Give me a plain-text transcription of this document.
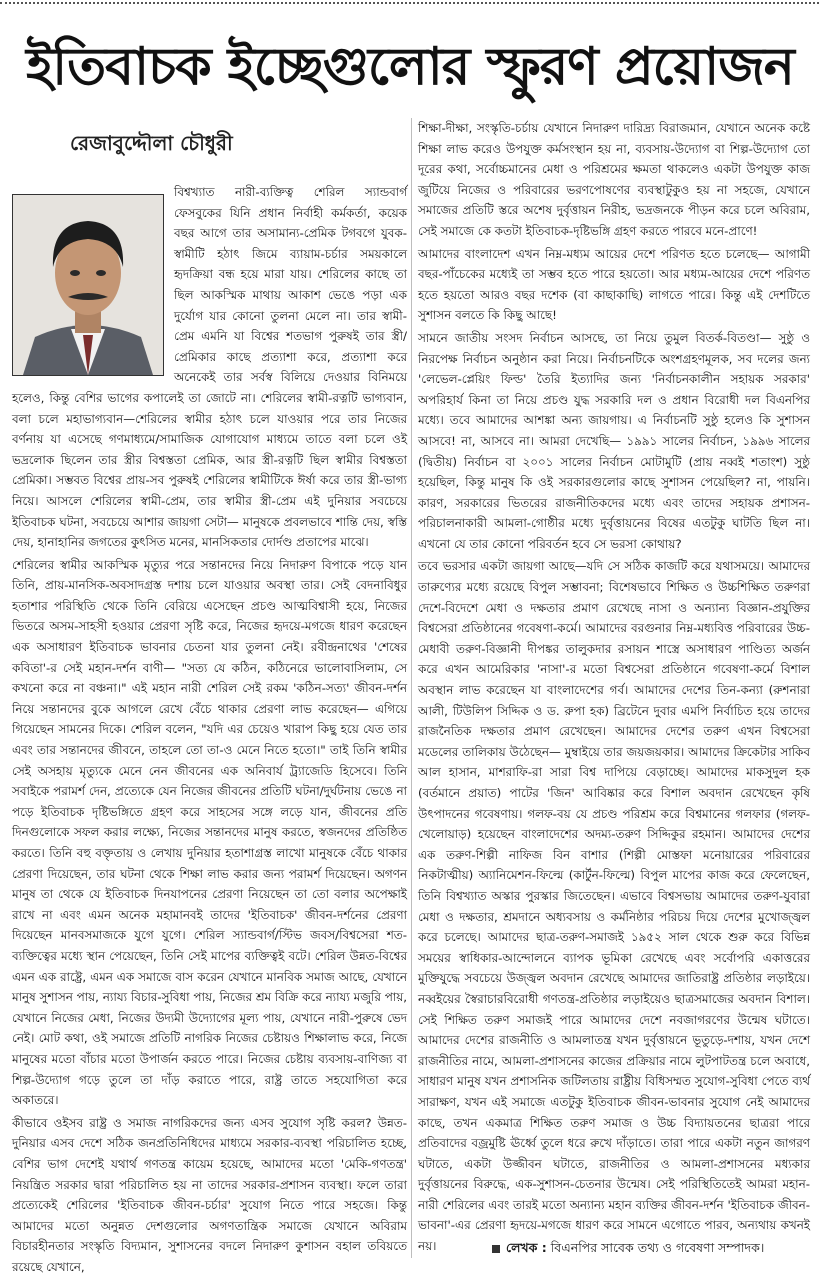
ইতিবাচক ইচ্ছেগুলোর স্ফুরণ প্রয়োজন
রেজাবুদ্দৌলা চৌধুরী

বিশ্বখ্যাত নারী-ব্যক্তিত্ব শেরিল স্যান্ডবার্গ ফেসবুকের যিনি প্রধান নির্বাহী কর্মকর্তা, কয়েক বছর আগে তার অসামান্য-প্রেমিক টগবগে যুবক-স্বামীটি হঠাৎ জিমে ব্যায়াম-চর্চার সময়কালে হৃদক্রিয়া বন্ধ হয়ে মারা যায়। শেরিলের কাছে তা ছিল আকস্মিক মাথায় আকাশ ভেঙে পড়া এক দুর্যোগ যার কোনো তুলনা মেলে না। তার স্বামী-প্রেম এমনি যা বিশ্বের শতভাগ পুরুষই তার স্ত্রী/প্রেমিকার কাছে প্রত্যাশা করে, প্রত্যাশা করে অনেকেই তার সর্বস্ব বিলিয়ে দেওয়ার বিনিময়ে হলেও, কিন্তু বেশির ভাগের কপালেই তা জোটে না। শেরিলের স্বামী-রত্নটি ভাগ্যবান, বলা চলে মহাভাগ্যবান—শেরিলের স্বামীর হঠাৎ চলে যাওয়ার পরে তার নিজের বর্ণনায় যা এসেছে গণমাধ্যমে/সামাজিক যোগাযোগ মাধ্যমে তাতে বলা চলে ওই ভদ্রলোক ছিলেন তার স্ত্রীর বিশ্বস্ততা প্রেমিক, আর স্ত্রী-রত্নটি ছিল স্বামীর বিশ্বস্ততা প্রেমিকা। সম্ভবত বিশ্বের প্রায়-সব পুরুষই শেরিলের স্বামীটিকে ঈর্ষা করে তার স্ত্রী-ভাগ্য নিয়ে। আসলে শেরিলের স্বামী-প্রেম, তার স্বামীর স্ত্রী-প্রেম এই দুনিয়ার সবচেয়ে ইতিবাচক ঘটনা, সবচেয়ে আশার জায়গা সেটা— মানুষকে প্রবলভাবে শান্তি দেয়, স্বস্তি দেয়, হানাহানির জগতের কুৎসিত মনের, মানসিকতার দোর্দণ্ড প্রতাপের মাঝে।

শেরিলের স্বামীর আকস্মিক মৃত্যুর পরে সন্তানদের নিয়ে নিদারুণ বিপাকে পড়ে যান তিনি, প্রায়-মানসিক-অবসাদগ্রস্ত দশায় চলে যাওয়ার অবস্থা তার। সেই বেদনাবিধুর হতাশার পরিস্থিতি থেকে তিনি বেরিয়ে এসেছেন প্রচণ্ড আত্মবিশ্বাসী হয়ে, নিজের ভিতরে অসম-সাহসী হওয়ার প্রেরণা সৃষ্টি করে, নিজের হৃদয়ে-মগজে ধারণ করেছেন এক অসাধারণ ইতিবাচক ভাবনার চেতনা যার তুলনা নেই। রবীন্দ্রনাথের 'শেষের কবিতা'-র সেই মহান-দর্শন বাণী— "সত্য যে কঠিন, কঠিনেরে ভালোবাসিলাম, সে কখনো করে না বঞ্চনা।" এই মহান নারী শেরিল সেই রকম 'কঠিন-সত্য' জীবন-দর্শন নিয়ে সন্তানদের বুকে আগলে রেখে বেঁচে থাকার প্রেরণা লাভ করেছেন— এগিয়ে গিয়েছেন সামনের দিকে। শেরিল বলেন, "যদি এর চেয়েও খারাপ কিছু হয়ে যেত তার এবং তার সন্তানদের জীবনে, তাহলে তো তা-ও মেনে নিতে হতো।" তাই তিনি স্বামীর সেই অসহায় মৃত্যুকে মেনে নেন জীবনের এক অনিবার্য ট্র্যাজেডি হিসেবে। তিনি সবাইকে পরামর্শ দেন, প্রত্যেকে যেন নিজের জীবনের প্রতিটি ঘটনা/দুর্ঘটনায় ভেঙে না পড়ে ইতিবাচক দৃষ্টিভঙ্গিতে গ্রহণ করে সাহসের সঙ্গে লড়ে যান, জীবনের প্রতি দিনগুলোকে সফল করার লক্ষ্যে, নিজের সন্তানদের মানুষ করতে, স্বজনদের প্রতিষ্ঠিত করতে। তিনি বহু বক্তৃতায় ও লেখায় দুনিয়ার হতাশাগ্রস্ত লাখো মানুষকে বেঁচে থাকার প্রেরণা দিয়েছেন, তার ঘটনা থেকে শিক্ষা লাভ করার জন্য পরামর্শ দিয়েছেন। অগণন মানুষ তা থেকে যে ইতিবাচক দিনযাপনের প্রেরণা নিয়েছেন তা তো বলার অপেক্ষাই রাখে না এবং এমন অনেক মহামানবই তাদের 'ইতিবাচক' জীবন-দর্শনের প্রেরণা দিয়েছেন মানবসমাজকে যুগে যুগে। শেরিল স্যান্ডবার্গ/স্টিভ জবস/বিশ্বসেরা শত-ব্যক্তিত্বের মধ্যে স্থান পেয়েছেন, তিনি সেই মাপের ব্যক্তিত্বই বটে। শেরিল উন্নত-বিশ্বের এমন এক রাষ্ট্রে, এমন এক সমাজে বাস করেন যেখানে মানবিক সমাজ আছে, যেখানে মানুষ সুশাসন পায়, ন্যায্য বিচার-সুবিধা পায়, নিজের শ্রম বিক্রি করে ন্যায্য মজুরি পায়, যেখানে নিজের মেধা, নিজের উদ্যমী উদ্যোগের মূল্য পায়, যেখানে নারী-পুরুষে ভেদ নেই। মোট কথা, ওই সমাজে প্রতিটি নাগরিক নিজের চেষ্টায়ও শিক্ষালাভ করে, নিজে মানুষের মতো বাঁচার মতো উপার্জন করতে পারে। নিজের চেষ্টায় ব্যবসায়-বাণিজ্য বা শিল্প-উদ্যোগ গড়ে তুলে তা দাঁড় করাতে পারে, রাষ্ট্র তাতে সহযোগিতা করে অকাতরে।

কীভাবে ওইসব রাষ্ট্র ও সমাজ নাগরিকদের জন্য এসব সুযোগ সৃষ্টি করল? উন্নত-দুনিয়ার এসব দেশে সঠিক জনপ্রতিনিধিদের মাধ্যমে সরকার-ব্যবস্থা পরিচালিত হচ্ছে, বেশির ভাগ দেশেই যথার্থ গণতন্ত্র কায়েম হয়েছে, আমাদের মতো 'মেকি-গণতন্ত্র' নিয়ন্ত্রিত সরকার দ্বারা পরিচালিত হয় না তাদের সরকার-প্রশাসন ব্যবস্থা। ফলে তারা প্রত্যেকেই শেরিলের 'ইতিবাচক জীবন-চর্চার' সুযোগ নিতে পারে সহজে। কিন্তু আমাদের মতো অনুন্নত দেশগুলোর অগণতান্ত্রিক সমাজে যেখানে অবিরাম বিচারহীনতার সংস্কৃতি বিদ্যমান, সুশাসনের বদলে নিদারুণ কুশাসন বহাল তবিয়তে রয়েছে যেখানে,

শিক্ষা-দীক্ষা, সংস্কৃতি-চর্চায় যেখানে নিদারুণ দারিদ্র্য বিরাজমান, যেখানে অনেক কষ্টে শিক্ষা লাভ করেও উপযুক্ত কর্মসংস্থান হয় না, ব্যবসায়-উদ্যোগ বা শিল্প-উদ্যোগ তো দূরের কথা, সর্বোচ্চমানের মেধা ও পরিশ্রমের ক্ষমতা থাকলেও একটা উপযুক্ত কাজ জুটিয়ে নিজের ও পরিবারের ভরণপোষণের ব্যবস্থাটুকুও হয় না সহজে, যেখানে সমাজের প্রতিটি স্তরে অশেষ দুর্বৃত্তায়ন নিরীহ, ভদ্রজনকে পীড়ন করে চলে অবিরাম, সেই সমাজে কে কতটা ইতিবাচক-দৃষ্টিভঙ্গি গ্রহণ করতে পারবে মনে-প্রাণে!

আমাদের বাংলাদেশ এখন নিম্ন-মধ্যম আয়ের দেশে পরিণত হতে চলেছে— আগামী বছর-পাঁচেকের মধ্যেই তা সম্ভব হতে পারে হয়তো। আর মধ্যম-আয়ের দেশে পরিণত হতে হয়তো আরও বছর দশেক (বা কাছাকাছি) লাগতে পারে। কিন্তু এই দেশটিতে সুশাসন বলতে কি কিছু আছে!

সামনে জাতীয় সংসদ নির্বাচন আসছে, তা নিয়ে তুমুল বিতর্ক-বিতণ্ডা— সুষ্ঠু ও নিরপেক্ষ নির্বাচন অনুষ্ঠান করা নিয়ে। নির্বাচনটিকে অংশগ্রহণমূলক, সব দলের জন্য 'লেভেল-প্লেয়িং ফিল্ড' তৈরি ইত্যাদির জন্য 'নির্বাচনকালীন সহায়ক সরকার' অপরিহার্য কিনা তা নিয়ে প্রচণ্ড যুদ্ধ সরকারি দল ও প্রধান বিরোধী দল বিএনপির মধ্যে। তবে আমাদের আশঙ্কা অন্য জায়গায়। এ নির্বাচনটি সুষ্ঠু হলেও কি সুশাসন আসবে! না, আসবে না। আমরা দেখেছি— ১৯৯১ সালের নির্বাচন, ১৯৯৬ সালের (দ্বিতীয়) নির্বাচন বা ২০০১ সালের নির্বাচন মোটামুটি (প্রায় নব্বই শতাংশ) সুষ্ঠু হয়েছিল, কিন্তু মানুষ কি ওই সরকারগুলোর কাছে সুশাসন পেয়েছিল? না, পায়নি। কারণ, সরকারের ভিতরের রাজনীতিকদের মধ্যে এবং তাদের সহায়ক প্রশাসন-পরিচালনাকারী আমলা-গোষ্ঠীর মধ্যে দুর্বৃত্তায়নের বিষের এতটুকু ঘাটতি ছিল না। এখনো যে তার কোনো পরিবর্তন হবে সে ভরসা কোথায়?

তবে ভরসার একটা জায়গা আছে—যদি সে সঠিক কাজটি করে যথাসময়ে। আমাদের তারুণ্যের মধ্যে রয়েছে বিপুল সম্ভাবনা; বিশেষভাবে শিক্ষিত ও উচ্চশিক্ষিত তরুণরা দেশে-বিদেশে মেধা ও দক্ষতার প্রমাণ রেখেছে নাসা ও অন্যান্য বিজ্ঞান-প্রযুক্তির বিশ্বসেরা প্রতিষ্ঠানের গবেষণা-কর্মে। আমাদের বরগুনার নিম্ন-মধ্যবিত্ত পরিবারের উচ্চ-মেধাবী তরুণ-বিজ্ঞানী দীপঙ্কর তালুকদার রসায়ন শাস্ত্রে অসাধারণ পাণ্ডিত্য অর্জন করে এখন আমেরিকার 'নাসা'-র মতো বিশ্বসেরা প্রতিষ্ঠানে গবেষণা-কর্মে বিশাল অবস্থান লাভ করেছেন যা বাংলাদেশের গর্ব। আমাদের দেশের তিন-কন্যা (রুশনারা আলী, টিউলিপ সিদ্দিক ও ড. রুপা হক) ব্রিটেনে দুবার এমপি নির্বাচিত হয়ে তাদের রাজনৈতিক দক্ষতার প্রমাণ রেখেছেন। আমাদের দেশের তরুণ এখন বিশ্বসেরা মডেলের তালিকায় উঠেছেন— মুম্বাইয়ে তার জয়জয়কার। আমাদের ক্রিকেটার সাকিব আল হাসান, মাশরাফি-রা সারা বিশ্ব দাপিয়ে বেড়াচ্ছে। আমাদের মাকসুদুল হক (বর্তমানে প্রয়াত) পাটের 'জিন' আবিষ্কার করে বিশাল অবদান রেখেছেন কৃষি উৎপাদনের গবেষণায়। গলফ-বয় যে প্রচণ্ড পরিশ্রম করে বিশ্বমানের গলফার (গলফ-খেলোয়াড়) হয়েছেন বাংলাদেশের অদম্য-তরুণ সিদ্দিকুর রহমান। আমাদের দেশের এক তরুণ-শিল্পী নাফিজ বিন বাশার (শিল্পী মোস্তফা মনোয়ারের পরিবারের নিকটাত্মীয়) অ্যানিমেশন-ফিল্মে (কার্টুন-ফিল্মে) বিপুল মাপের কাজ করে ফেলেছেন, তিনি বিশ্বখ্যাত অস্কার পুরস্কার জিতেছেন। এভাবে বিশ্বসভায় আমাদের তরুণ-যুবারা মেধা ও দক্ষতার, শ্রমদানে অধ্যবসায় ও কর্মনিষ্ঠার পরিচয় দিয়ে দেশের মুখোজ্জ্বল করে চলেছে। আমাদের ছাত্র-তরুণ-সমাজই ১৯৫২ সাল থেকে শুরু করে বিভিন্ন সময়ের স্বাধিকার-আন্দোলনে ব্যাপক ভূমিকা রেখেছে এবং সর্বোপরি একাত্তরের মুক্তিযুদ্ধে সবচেয়ে উজ্জ্বল অবদান রেখেছে আমাদের জাতিরাষ্ট্র প্রতিষ্ঠার লড়াইয়ে। নব্বইয়ের স্বৈরাচারবিরোধী গণতন্ত্র-প্রতিষ্ঠার লড়াইয়েও ছাত্রসমাজের অবদান বিশাল। সেই শিক্ষিত তরুণ সমাজই পারে আমাদের দেশে নবজাগরণের উন্মেষ ঘটাতে। আমাদের দেশের রাজনীতি ও আমলাতন্ত্র যখন দুর্বৃত্তায়নে ভূতুড়ে-দশায়, যখন দেশে রাজনীতির নামে, আমলা-প্রশাসনের কাজের প্রক্রিয়ার নামে লুটপাটতন্ত্র চলে অবাধে, সাধারণ মানুষ যখন প্রশাসনিক জটিলতায় রাষ্ট্রীয় বিধিসম্মত সুযোগ-সুবিধা পেতে ব্যর্থ সারাক্ষণ, যখন এই সমাজে এতটুকু ইতিবাচক জীবন-ভাবনার সুযোগ নেই আমাদের কাছে, তখন একমাত্র শিক্ষিত তরুণ সমাজ ও উচ্চ বিদ্যায়তনের ছাত্ররা পারে প্রতিবাদের বজ্রমুষ্টি ঊর্ধ্বে তুলে ধরে রুখে দাঁড়াতে। তারা পারে একটা নতুন জাগরণ ঘটাতে, একটা উজ্জীবন ঘটাতে, রাজনীতির ও আমলা-প্রশাসনের মধ্যকার দুর্বৃত্তায়নের বিরুদ্ধে, এক-সুশাসন-চেতনার উন্মেষ। সেই পরিস্থিতিতেই আমরা মহান-নারী শেরিলের এবং তারই মতো অন্যান্য মহান ব্যক্তির জীবন-দর্শন 'ইতিবাচক জীবন-ভাবনা'-এর প্রেরণা হৃদয়ে-মগজে ধারণ করে সামনে এগোতে পারব, অন্যথায় কখনই নয়।	লেখক : বিএনপির সাবেক তথ্য ও গবেষণা সম্পাদক।
